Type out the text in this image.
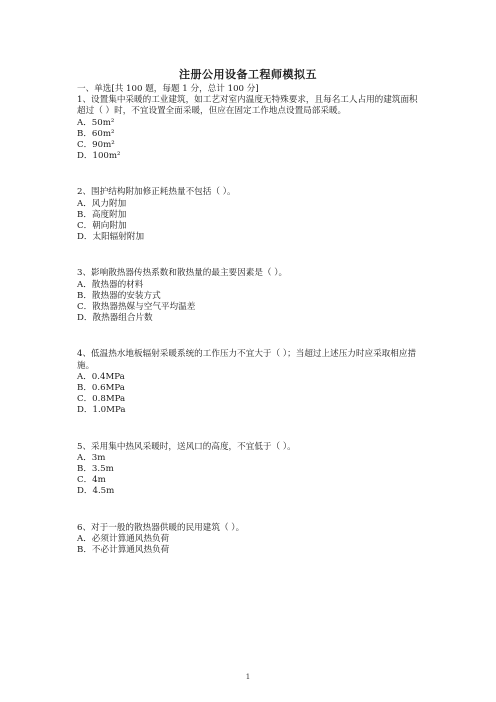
注册公用设备工程师模拟五
一、单选[共 100 题，每题 1 分，总计 100 分]
1、设置集中采暖的工业建筑，如工艺对室内温度无特殊要求，且每名工人占用的建筑面积超过（ ）时，不宜设置全面采暖，但应在固定工作地点设置局部采暖。
A．50m²
B．60m²
C．90m²
D．100m²
2、围护结构附加修正耗热量不包括（ ）。
A．风力附加
B．高度附加
C．朝向附加
D．太阳辐射附加
3、影响散热器传热系数和散热量的最主要因素是（ ）。
A．散热器的材料
B．散热器的安装方式
C．散热器热媒与空气平均温差
D．散热器组合片数
4、低温热水地板辐射采暖系统的工作压力不宜大于（ ）；当超过上述压力时应采取相应措施。
A．0.4MPa
B．0.6MPa
C．0.8MPa
D．1.0MPa
5、采用集中热风采暖时，送风口的高度，不宜低于（ ）。
A．3m
B．3.5m
C．4m
D．4.5m
6、对于一般的散热器供暖的民用建筑（ ）。
A．必须计算通风热负荷
B．不必计算通风热负荷
1
